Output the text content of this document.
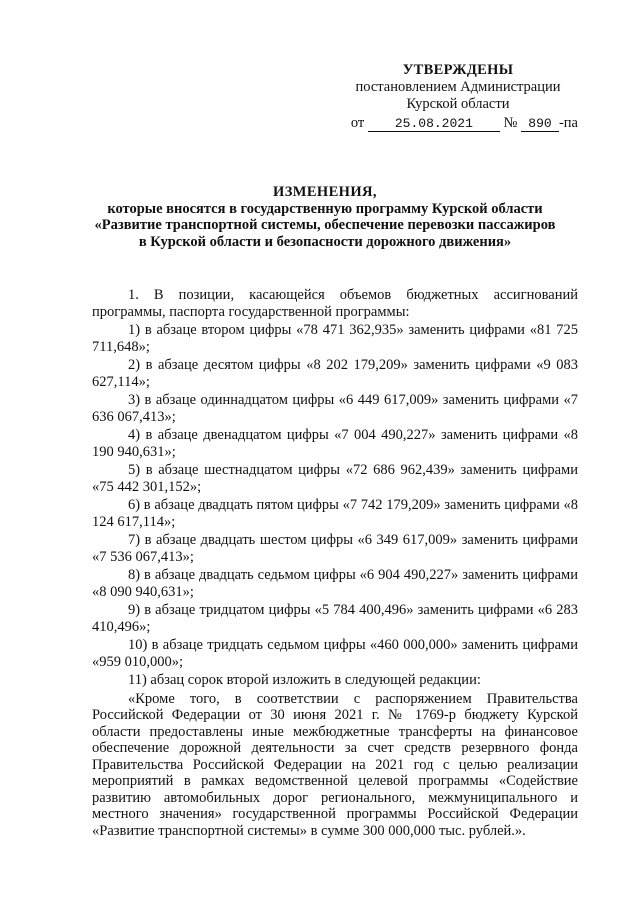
УТВЕРЖДЕНЫ
постановлением Администрации
Курской области
от 25.08.2021 № 890 -па
ИЗМЕНЕНИЯ,
которые вносятся в государственную программу Курской области
«Развитие транспортной системы, обеспечение перевозки пассажиров
в Курской области и безопасности дорожного движения»

1. В позиции, касающейся объемов бюджетных ассигнований программы, паспорта государственной программы:

1) в абзаце втором цифры «78 471 362,935» заменить цифрами «81 725 711,648»;

2) в абзаце десятом цифры «8 202 179,209» заменить цифрами «9 083 627,114»;

3) в абзаце одиннадцатом цифры «6 449 617,009» заменить цифрами «7 636 067,413»;

4) в абзаце двенадцатом цифры «7 004 490,227» заменить цифрами «8 190 940,631»;

5) в абзаце шестнадцатом цифры «72 686 962,439» заменить цифрами «75 442 301,152»;

6) в абзаце двадцать пятом цифры «7 742 179,209» заменить цифрами «8 124 617,114»;

7) в абзаце двадцать шестом цифры «6 349 617,009» заменить цифрами «7 536 067,413»;

8) в абзаце двадцать седьмом цифры «6 904 490,227» заменить цифрами «8 090 940,631»;

9) в абзаце тридцатом цифры «5 784 400,496» заменить цифрами «6 283 410,496»;

10) в абзаце тридцать седьмом цифры «460 000,000» заменить цифрами «959 010,000»;

11) абзац сорок второй изложить в следующей редакции:

«Кроме того, в соответствии с распоряжением Правительства Российской Федерации от 30 июня 2021 г. № 1769-р бюджету Курской области предоставлены иные межбюджетные трансферты на финансовое обеспечение дорожной деятельности за счет средств резервного фонда Правительства Российской Федерации на 2021 год с целью реализации мероприятий в рамках ведомственной целевой программы «Содействие развитию автомобильных дорог регионального, межмуниципального и местного значения» государственной программы Российской Федерации «Развитие транспортной системы» в сумме 300 000,000 тыс. рублей.».
